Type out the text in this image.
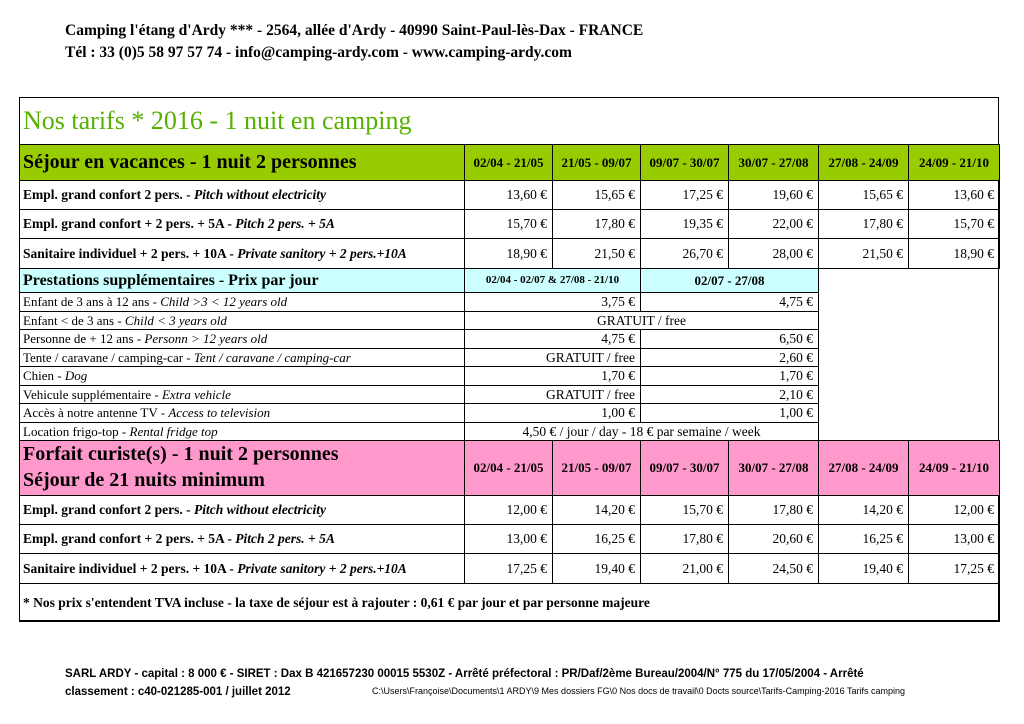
Camping l'étang d'Ardy *** - 2564, allée d'Ardy - 40990 Saint-Paul-lès-Dax - FRANCE
Tél : 33 (0)5 58 97 57 74 - info@camping-ardy.com - www.camping-ardy.com
Nos tarifs * 2016 - 1 nuit en camping
Séjour en vacances - 1 nuit 2 personnes	02/04 - 21/05	21/05 - 09/07	09/07 - 30/07	30/07 - 27/08	27/08 - 24/09	24/09 - 21/10
Empl. grand confort 2 pers. - Pitch without electricity	13,60 €	15,65 €	17,25 €	19,60 €	15,65 €	13,60 €
Empl. grand confort + 2 pers. + 5A - Pitch 2 pers. + 5A	15,70 €	17,80 €	19,35 €	22,00 €	17,80 €	15,70 €
Sanitaire individuel + 2 pers. + 10A - Private sanitory + 2 pers.+10A	18,90 €	21,50 €	26,70 €	28,00 €	21,50 €	18,90 €
Prestations supplémentaires - Prix par jour	02/04 - 02/07 & 27/08 - 21/10	02/07 - 27/08
Enfant de 3 ans à 12 ans - Child >3 < 12 years old	3,75 €	4,75 €
Enfant < de 3 ans - Child < 3 years old	GRATUIT / free
Personne de + 12 ans - Personn > 12 years old	4,75 €	6,50 €
Tente / caravane / camping-car - Tent / caravane / camping-car	GRATUIT / free	2,60 €
Chien - Dog	1,70 €	1,70 €
Vehicule supplémentaire - Extra vehicle	GRATUIT / free	2,10 €
Accès à notre antenne TV - Access to television	1,00 €	1,00 €
Location frigo-top - Rental fridge top	4,50 € / jour / day - 18 € par semaine / week
Forfait curiste(s) - 1 nuit 2 personnes
Séjour de 21 nuits minimum
02/04 - 21/05	21/05 - 09/07	09/07 - 30/07	30/07 - 27/08	27/08 - 24/09	24/09 - 21/10
Empl. grand confort 2 pers. - Pitch without electricity	12,00 €	14,20 €	15,70 €	17,80 €	14,20 €	12,00 €
Empl. grand confort + 2 pers. + 5A - Pitch 2 pers. + 5A	13,00 €	16,25 €	17,80 €	20,60 €	16,25 €	13,00 €
Sanitaire individuel + 2 pers. + 10A - Private sanitory + 2 pers.+10A	17,25 €	19,40 €	21,00 €	24,50 €	19,40 €	17,25 €
* Nos prix s'entendent TVA incluse - la taxe de séjour est à rajouter : 0,61 € par jour et par personne majeure
SARL ARDY - capital : 8 000 € - SIRET : Dax B 421657230 00015 5530Z - Arrêté préfectoral : PR/Daf/2ème Bureau/2004/N° 775 du 17/05/2004 - Arrêté
classement : c40-021285-001 / juillet 2012	C:\Users\Françoise\Documents\1 ARDY\9 Mes dossiers FG\0 Nos docs de travail\0 Docts source\Tarifs-Camping-2016 Tarifs camping
